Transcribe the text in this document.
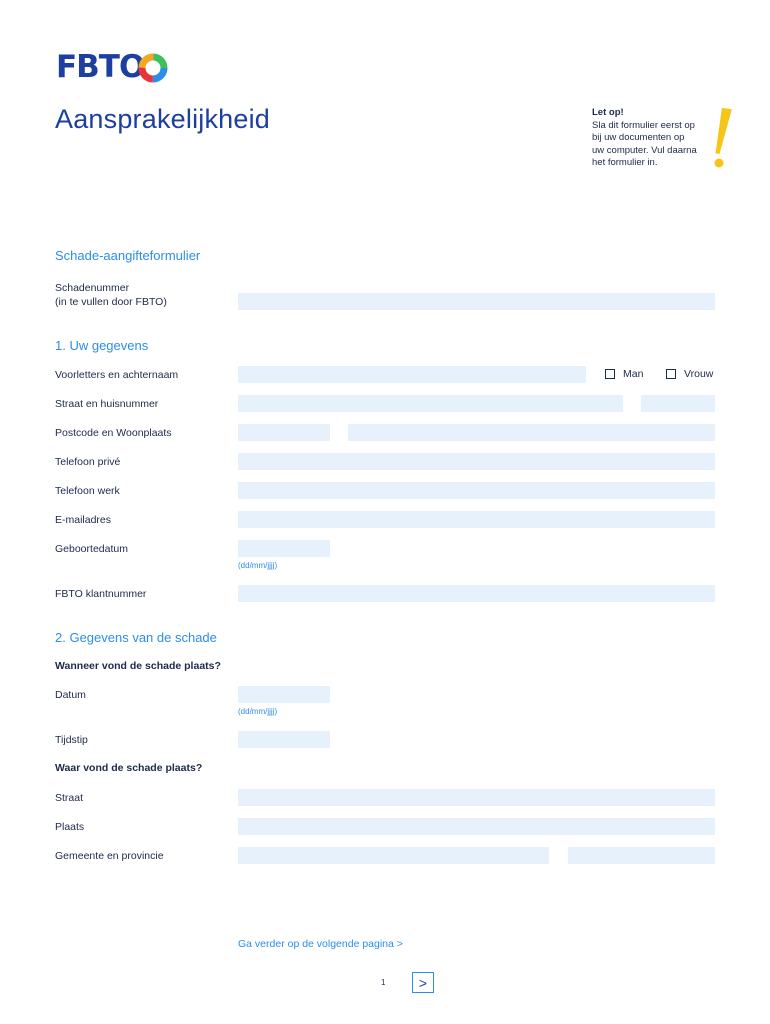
FBTO
Aansprakelijkheid	Let op!
Sla dit formulier eerst op
bij uw documenten op
uw computer. Vul daarna
het formulier in.
Schade-aangifteformulier
Schadenummer
(in te vullen door FBTO)
1. Uw gegevens
Voorletters en achternaam	Man	Vrouw
Straat en huisnummer
Postcode en Woonplaats
Telefoon privé
Telefoon werk
E-mailadres
Geboortedatum
(dd/mm/jjjj)
FBTO klantnummer
2. Gegevens van de schade
Wanneer vond de schade plaats?
Datum
(dd/mm/jjjj)
Tijdstip
Waar vond de schade plaats?
Straat
Plaats
Gemeente en provincie
Ga verder op de volgende pagina >
1	>
